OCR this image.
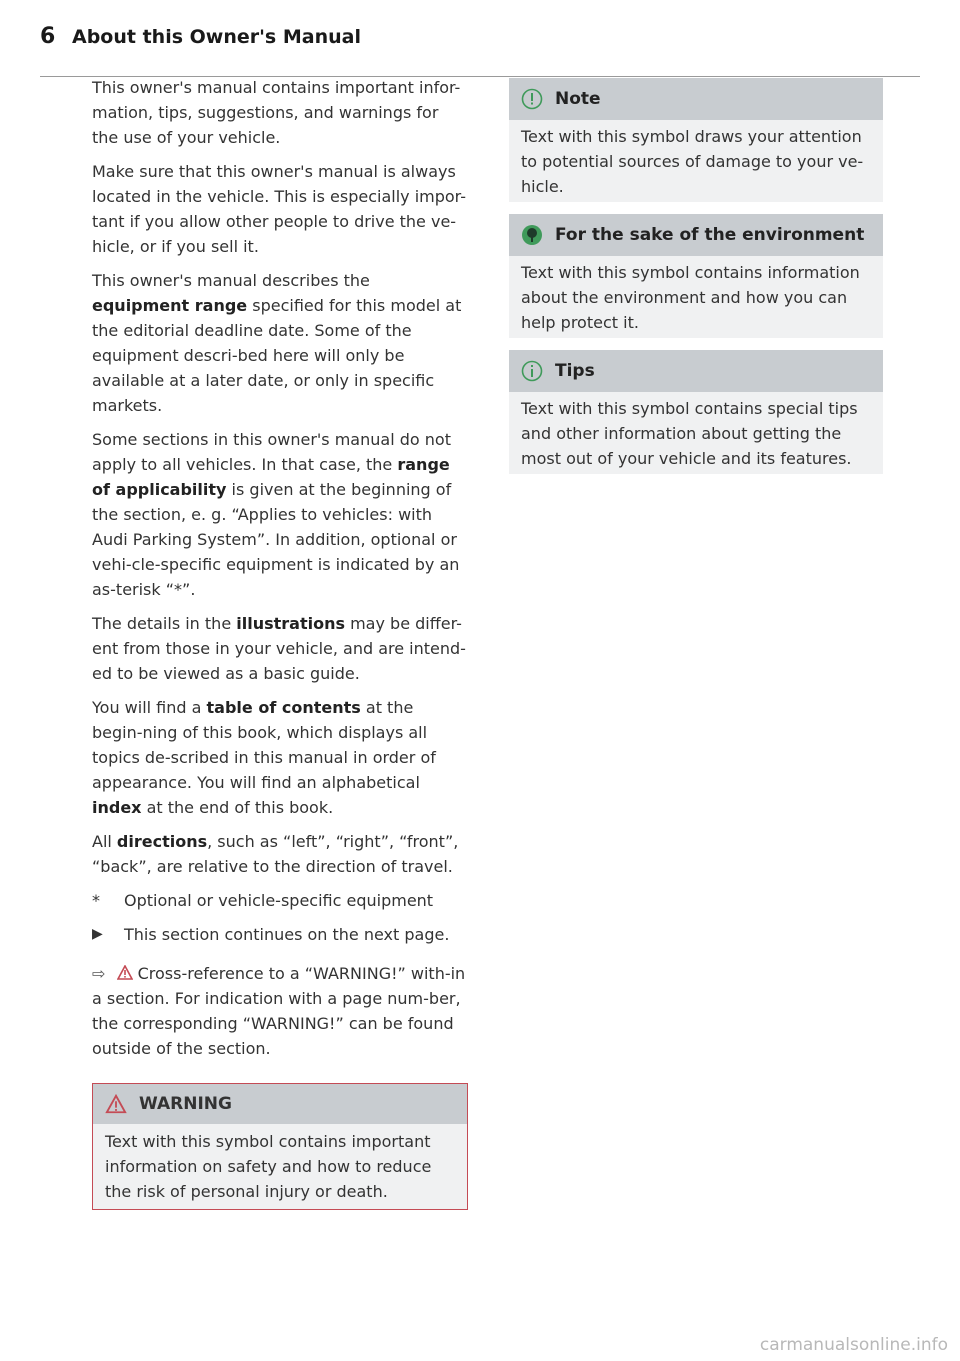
6 About this Owner's Manual

This owner's manual contains important infor-mation, tips, suggestions, and warnings for the use of your vehicle.

Make sure that this owner's manual is always located in the vehicle. This is especially impor-tant if you allow other people to drive the ve-hicle, or if you sell it.

This owner's manual describes the equipment range specified for this model at the editorial deadline date. Some of the equipment descri-bed here will only be available at a later date, or only in specific markets.

Some sections in this owner's manual do not apply to all vehicles. In that case, the range of applicability is given at the beginning of the section, e. g. “Applies to vehicles: with Audi Parking System”. In addition, optional or vehi-cle-specific equipment is indicated by an as-terisk “*”.

The details in the illustrations may be differ-ent from those in your vehicle, and are intend-ed to be viewed as a basic guide.

You will find a table of contents at the begin-ning of this book, which displays all topics de-scribed in this manual in order of appearance. You will find an alphabetical index at the end of this book.

All directions, such as “left”, “right”, “front”, “back”, are relative to the direction of travel.

*	Optional or vehicle-specific equipment
▶	This section continues on the next page.

⇨  Cross-reference to a “WARNING!” with-in a section. For indication with a page num-ber, the corresponding “WARNING!” can be found outside of the section.

WARNING

Text with this symbol contains important information on safety and how to reduce the risk of personal injury or death.

Note

Text with this symbol draws your attention to potential sources of damage to your ve-hicle.

For the sake of the environment

Text with this symbol contains information about the environment and how you can help protect it.

Tips

Text with this symbol contains special tips and other information about getting the most out of your vehicle and its features.

carmanualsonline.info
